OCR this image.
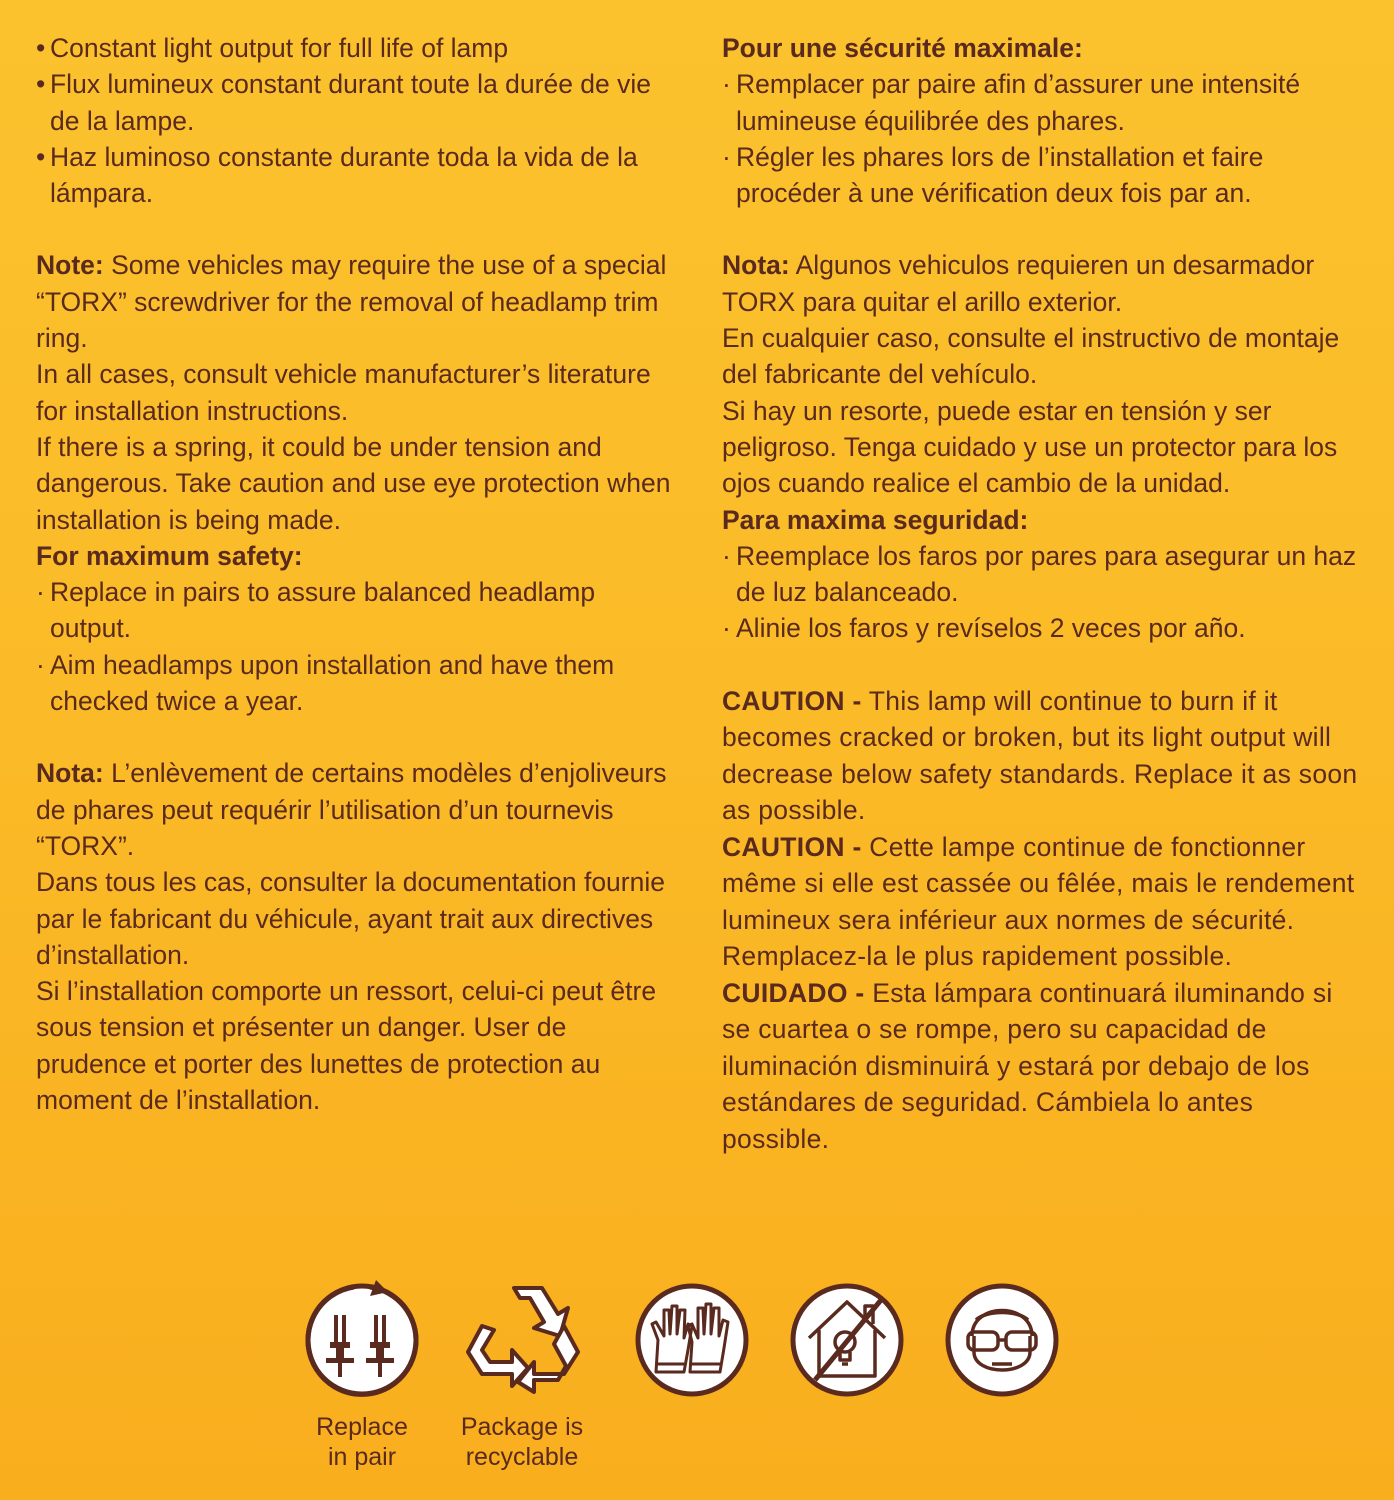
• Constant light output for full life of lamp

• Flux lumineux constant durant toute la durée de vie de la lampe.

• Haz luminoso constante durante toda la vida de la lámpara.

Note: Some vehicles may require the use of a special “TORX” screwdriver for the removal of headlamp trim ring.

In all cases, consult vehicle manufacturer’s literature for installation instructions.

If there is a spring, it could be under tension and dangerous. Take caution and use eye protection when installation is being made.

For maximum safety:

· Replace in pairs to assure balanced headlamp output.

· Aim headlamps upon installation and have them checked twice a year.

Nota: L’enlèvement de certains modèles d’enjoliveurs de phares peut requérir l’utilisation d’un tournevis “TORX”.

Dans tous les cas, consulter la documentation fournie par le fabricant du véhicule, ayant trait aux directives d’installation.

Si l’installation comporte un ressort, celui-ci peut être sous tension et présenter un danger. User de prudence et porter des lunettes de protection au moment de l’installation.

Pour une sécurité maximale:

· Remplacer par paire afin d’assurer une intensité lumineuse équilibrée des phares.

· Régler les phares lors de l’installation et faire procéder à une vérification deux fois par an.

Nota: Algunos vehiculos requieren un desarmador TORX para quitar el arillo exterior.

En cualquier caso, consulte el instructivo de montaje del fabricante del vehículo.

Si hay un resorte, puede estar en tensión y ser peligroso. Tenga cuidado y use un protector para los ojos cuando realice el cambio de la unidad.

Para maxima seguridad:

· Reemplace los faros por pares para asegurar un haz de luz balanceado.

· Alinie los faros y revíselos 2 veces por año.

CAUTION - This lamp will continue to burn if it becomes cracked or broken, but its light output will decrease below safety standards. Replace it as soon as possible.

CAUTION - Cette lampe continue de fonctionner même si elle est cassée ou fêlée, mais le rendement lumineux sera inférieur aux normes de sécurité. Remplacez-la le plus rapidement possible.

CUIDADO - Esta lámpara continuará iluminando si se cuartea o se rompe, pero su capacidad de iluminación disminuirá y estará por debajo de los estándares de seguridad. Cámbiela lo antes possible.

Replace
in pair
Package is
recyclable
